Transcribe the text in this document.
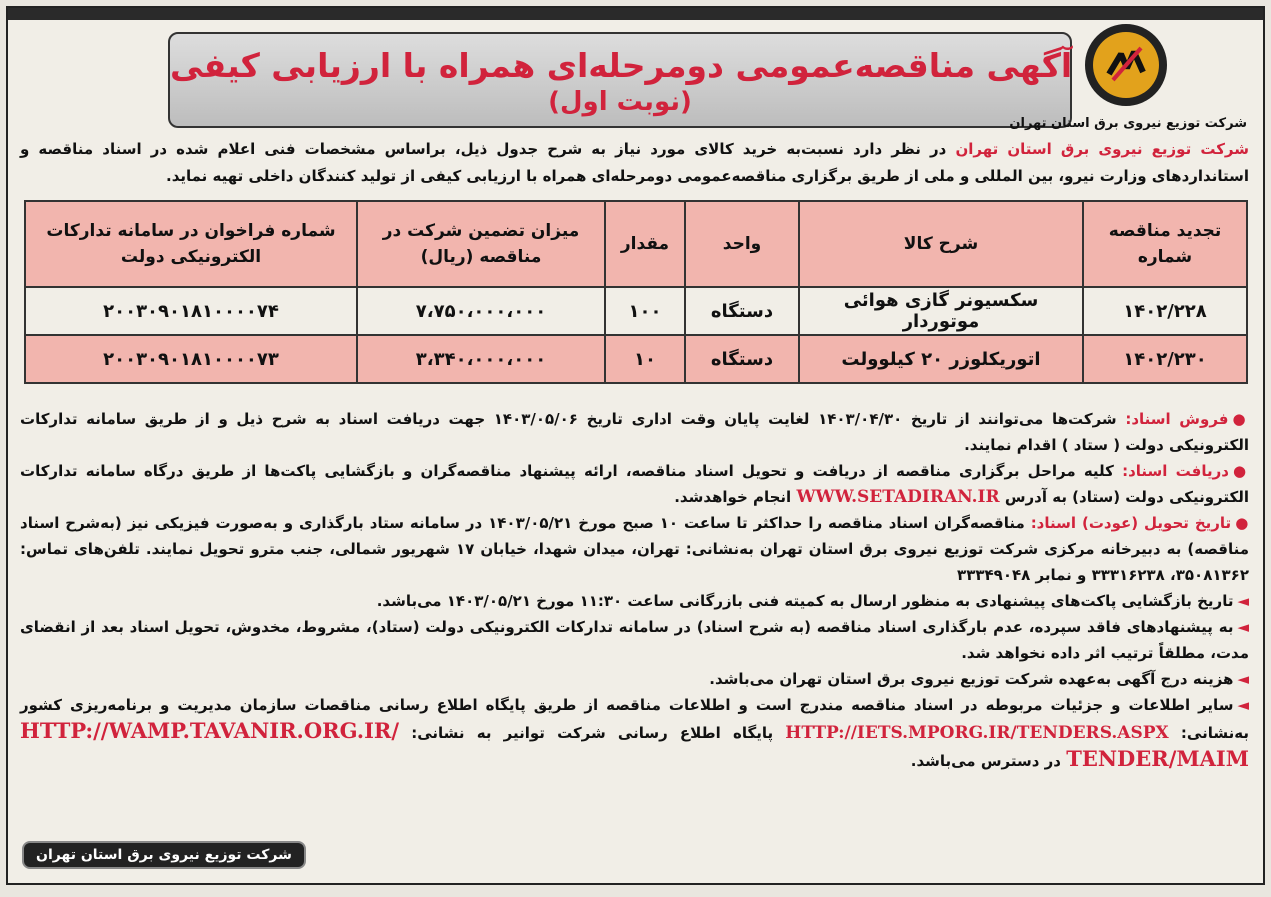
آگهی مناقصه‌عمومی دومرحله‌ای همراه با ارزیابی کیفی
(نوبت اول)
شرکت توزیع نیروی برق استان تهران
شرکت توزیع نیروی برق استان تهران در نظر دارد نسبت‌به خرید کالای مورد نیاز به شرح جدول ذیل، براساس مشخصات فنی اعلام شده در اسناد مناقصه و استانداردهای وزارت نیرو، بین المللی و ملی از طریق برگزاری مناقصه‌عمومی دومرحله‌ای همراه با ارزیابی کیفی از تولید کنندگان داخلی تهیه نماید.
تجدید مناقصه شماره	شرح کالا	واحد	مقدار	میزان تضمین شرکت در مناقصه (ریال)	شماره فراخوان در سامانه تدارکات الکترونیکی دولت
۱۴۰۲/۲۲۸	سکسیونر گازی هوائی موتوردار	دستگاه	۱۰۰	۷،۷۵۰،۰۰۰،۰۰۰	۲۰۰۳۰۹۰۱۸۱۰۰۰۰۷۴
۱۴۰۲/۲۳۰	اتوریکلوزر ۲۰ کیلوولت	دستگاه	۱۰	۳،۳۴۰،۰۰۰،۰۰۰	۲۰۰۳۰۹۰۱۸۱۰۰۰۰۷۳

●فروش اسناد: شرکت‌ها می‌توانند از تاریخ ۱۴۰۳/۰۴/۳۰ لغایت پایان وقت اداری تاریخ ۱۴۰۳/۰۵/۰۶ جهت دریافت اسناد به شرح ذیل و از طریق سامانه تدارکات الکترونیکی دولت ( ستاد ) اقدام نمایند.

●دریافت اسناد: کلیه مراحل برگزاری مناقصه از دریافت و تحویل اسناد مناقصه، ارائه پیشنهاد مناقصه‌گران و بازگشایی پاکت‌ها از طریق درگاه سامانه تدارکات الکترونیکی دولت (ستاد) به آدرس WWW.SETADIRAN.IR انجام خواهدشد.

●تاریخ تحویل (عودت) اسناد: مناقصه‌گران اسناد مناقصه را حداکثر تا ساعت ۱۰ صبح مورخ ۱۴۰۳/۰۵/۲۱ در سامانه ستاد بارگذاری و به‌صورت فیزیکی نیز (به‌شرح اسناد مناقصه) به دبیرخانه مرکزی شرکت توزیع نیروی برق استان تهران به‌نشانی: تهران، میدان شهدا، خیابان ۱۷ شهریور شمالی، جنب مترو تحویل نمایند. تلفن‌های تماس: ۳۵۰۸۱۳۶۲، ۳۳۳۱۶۲۳۸ و نمابر ۳۳۳۴۹۰۴۸

◄تاریخ بازگشایی پاکت‌های پیشنهادی به منظور ارسال به کمیته فنی بازرگانی ساعت ۱۱:۳۰ مورخ ۱۴۰۳/۰۵/۲۱ می‌باشد.

◄به پیشنهادهای فاقد سپرده، عدم بارگذاری اسناد مناقصه (به شرح اسناد) در سامانه تدارکات الکترونیکی دولت (ستاد)، مشروط، مخدوش، تحویل اسناد بعد از انقضای مدت، مطلقاً ترتیب اثر داده نخواهد شد.

◄هزینه درج آگهی به‌عهده شرکت توزیع نیروی برق استان تهران می‌باشد.

◄سایر اطلاعات و جزئیات مربوطه در اسناد مناقصه مندرج است و اطلاعات مناقصه از طریق پایگاه اطلاع رسانی مناقصات سازمان مدیریت و برنامه‌ریزی کشور به‌نشانی: HTTP://IETS.MPORG.IR/TENDERS.ASPX پایگاه اطلاع رسانی شرکت توانیر به نشانی: HTTP://WAMP.TAVANIR.ORG.IR/ TENDER/MAIM در دسترس می‌باشد.

شرکت توزیع نیروی برق استان تهران
